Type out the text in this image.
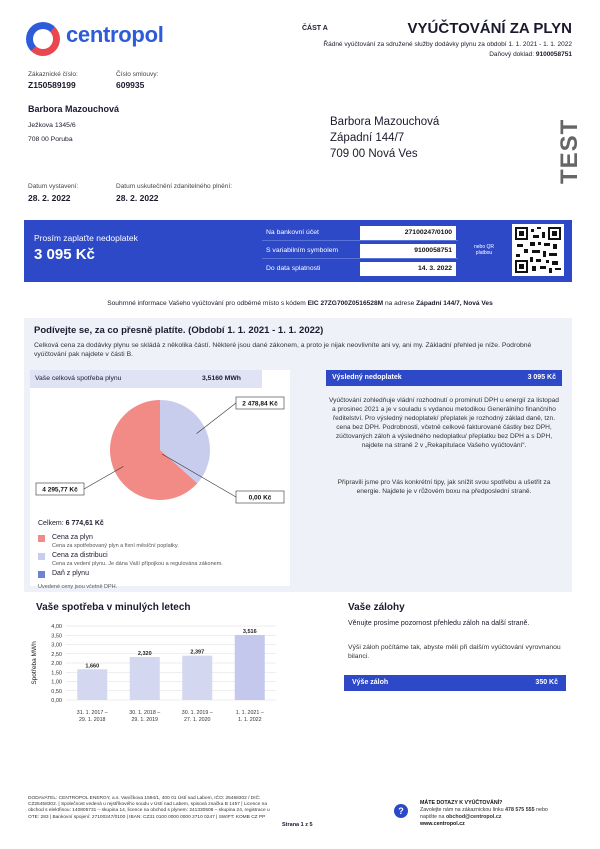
centropol	ČÁST A	VYÚČTOVÁNÍ ZA PLYN
Řádné vyúčtování za sdružené služby dodávky plynu za období 1. 1. 2021 - 1. 1. 2022
Daňový doklad: 9100058751
Zákaznické číslo:
Z150589199
Číslo smlouvy:
609935
Barbora Mazouchová
Ježkova 1345/6
708 00 Poruba
Barbora Mazouchová
Západní 144/7
709 00 Nová Ves	TEST
Datum vystavení:
28. 2. 2022
Datum uskutečnění zdanitelného plnění:
28. 2. 2022
Prosím zaplaťte nedoplatek
3 095 Kč	nebo QR platbou
Na bankovní účet	27100247/0100
S variabilním symbolem	9100058751
Do data splatnosti	14. 3. 2022
Souhrnné informace Vašeho vyúčtování pro odběrné místo s kódem EIC 27ZG700Z0516528M na adrese Západní 144/7, Nová Ves
Podívejte se, za co přesně platíte. (Období 1. 1. 2021 - 1. 1. 2022)
Celková cena za dodávky plynu se skládá z několika částí. Některé jsou dané zákonem, a proto je nijak neovlivníte ani vy, ani my. Základní přehled je níže. Podrobné vyúčtování pak najdete v části B.
Vaše celková spotřeba plynu	3,5160 MWh
2 478,84 Kč
4 295,77 Kč
0,00 Kč
Celkem: 6 774,61 Kč
Cena za plyn
Cena za spotřebovaný plyn a fixní měsíční poplatky.
Cena za distribuci
Cena za vedení plynu. Je dána Vaší přípojkou a regulována zákonem.
Daň z plynu
Uvedené ceny jsou včetně DPH.
Výsledný nedoplatek	3 095 Kč
Vyúčtování zohledňuje vládní rozhodnutí o prominutí DPH u energií za listopad a prosinec 2021 a je v souladu s vydanou metodikou Generálního finančního ředitelství. Pro výsledný nedoplatek/ přeplatek je rozhodný základ daně, tzn. cena bez DPH. Podrobnosti, včetně celkové fakturované částky bez DPH, zúčtovaných záloh a výsledného nedoplatku/ přeplatku bez DPH a s DPH, najdete na straně 2 v „Rekapitulace Vašeho vyúčtování“.
Připravili jsme pro Vás konkrétní tipy, jak snížit svou spotřebu a ušetřit za energie. Najdete je v růžovém boxu na předposlední straně.
Vaše spotřeba v minulých letech
Spotřeba MWh
0,00
0,50
1,00
1,50
2,00
2,50
3,00
3,50
4,00
1,660
31. 1. 2017 –
29. 1. 2018
2,320
30. 1. 2018 –
29. 1. 2019
2,397
30. 1. 2019 –
27. 1. 2020
3,516
1. 1. 2021 –
1. 1. 2022
Vaše zálohy
Věnujte prosíme pozornost přehledu záloh na další straně.
Výši záloh počítáme tak, abyste měli při dalším vyúčtování vyrovnanou bilanci.
Výše záloh	350 Kč
DODAVATEL: CENTROPOL ENERGY, a.s. Vaníčkova 1594/1, 400 01 Ústí nad Labem, IČO: 25458302 / DIČ: CZ25458302. | Společnost vedená u rejstříkového soudu v Ústí nad Labem, spisová značka B 1457 | Licence na obchod s elektřinou: 140805731 – skupina 14, licence na obchod s plynem: 241330508 – skupina 24, registrace u OTE: 283 | Bankovní spojení: 27100247/0100 | IBAN: CZ31 0100 0000 0000 2710 0247 | SWIFT: KOMB CZ PP
Strana 1 z 5
?
MÁTE DOTAZY K VYÚČTOVÁNÍ?
Zavolejte nám na zákaznickou linku 478 575 555 nebo
napište na obchod@centropol.cz
www.centropol.cz
